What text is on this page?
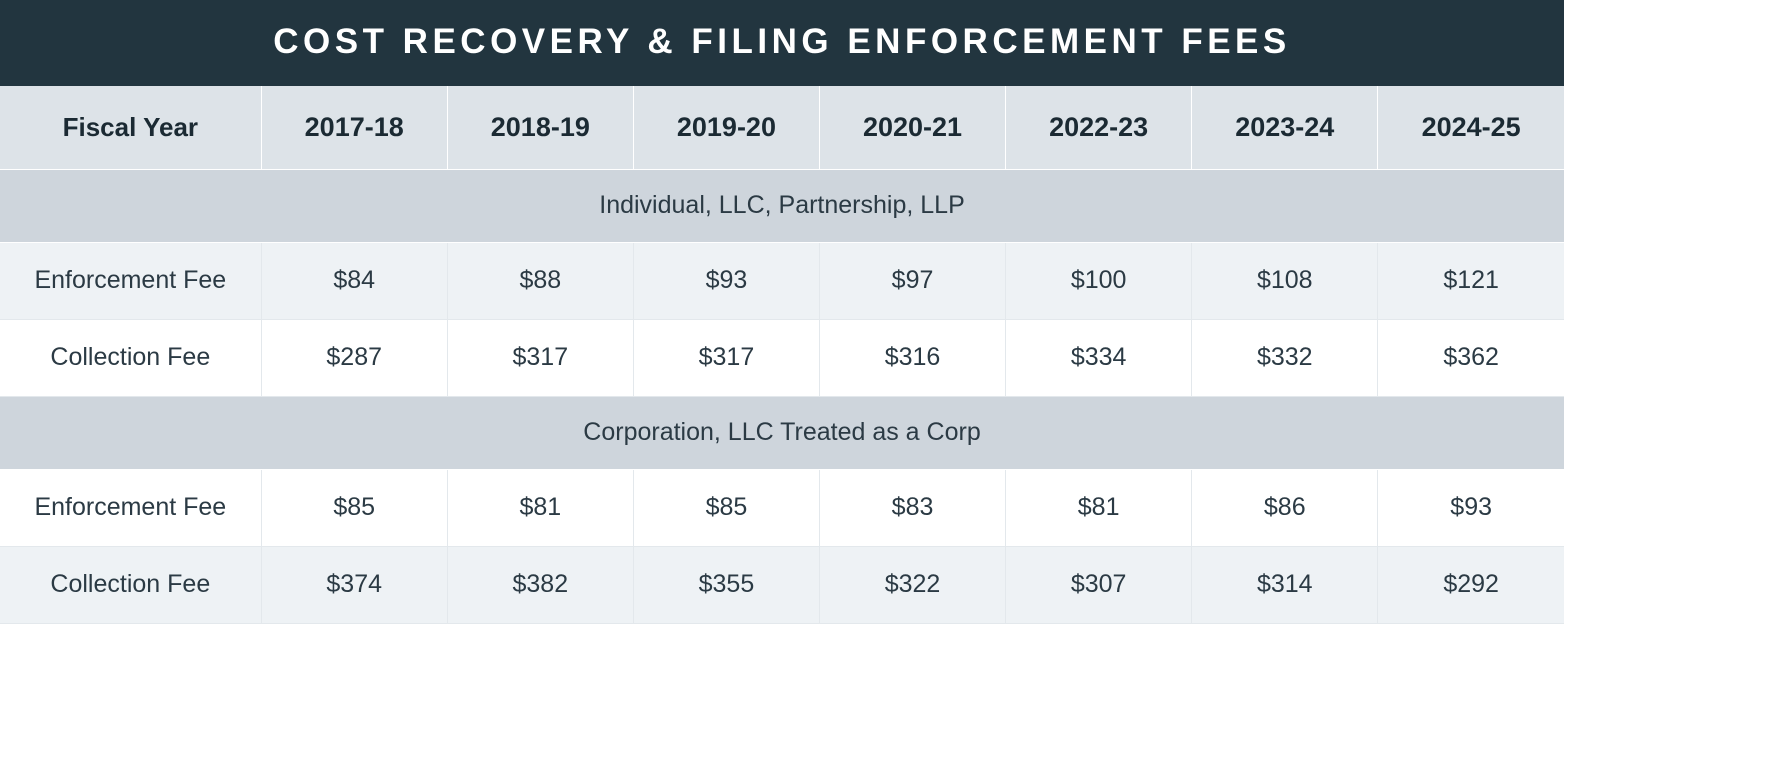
COST RECOVERY & FILING ENFORCEMENT FEES							
Fiscal Year	2017-18	2018-19	2019-20	2020-21	2022-23	2023-24	2024-25
Individual, LLC, Partnership, LLP							
Enforcement Fee	$84	$88	$93	$97	$100	$108	$121
Collection Fee	$287	$317	$317	$316	$334	$332	$362
Corporation, LLC Treated as a Corp							
Enforcement Fee	$85	$81	$85	$83	$81	$86	$93
Collection Fee	$374	$382	$355	$322	$307	$314	$292
